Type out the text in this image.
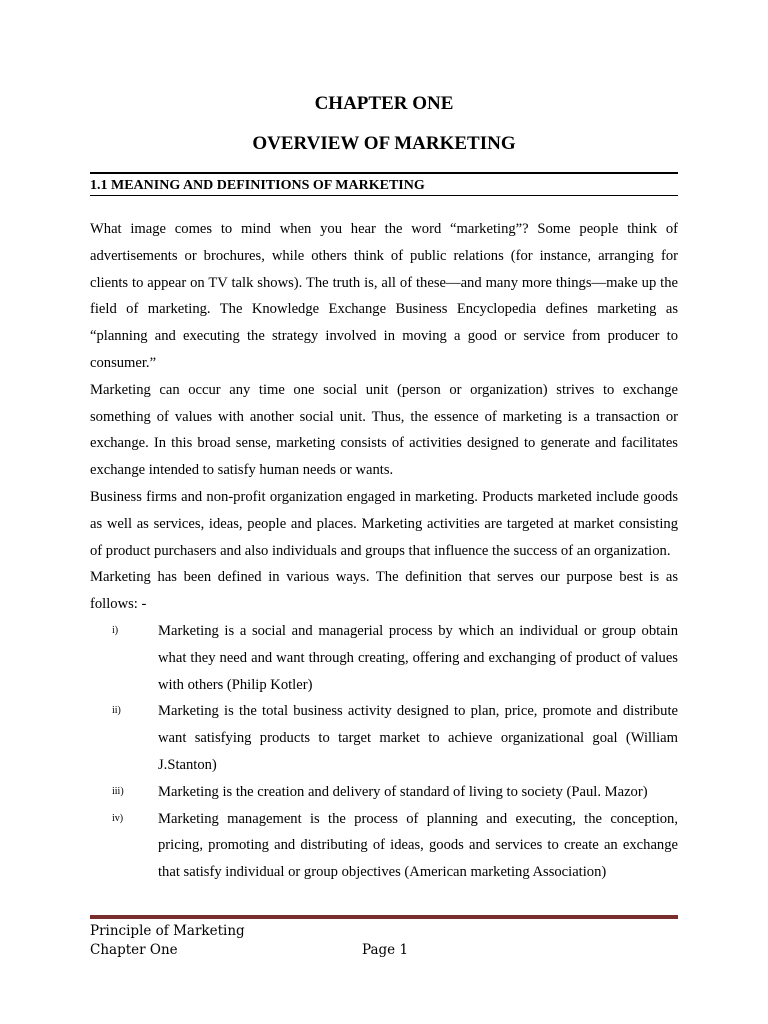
CHAPTER ONE
OVERVIEW OF MARKETING
1.1 MEANING AND DEFINITIONS OF MARKETING

What image comes to mind when you hear the word “marketing”? Some people think of advertisements or brochures, while others think of public relations (for instance, arranging for clients to appear on TV talk shows). The truth is, all of these—and many more things—make up the field of marketing. The Knowledge Exchange Business Encyclopedia defines marketing as “planning and executing the strategy involved in moving a good or service from producer to consumer.”

Marketing can occur any time one social unit (person or organization) strives to exchange something of values with another social unit. Thus, the essence of marketing is a transaction or exchange. In this broad sense, marketing consists of activities designed to generate and facilitates exchange intended to satisfy human needs or wants.

Business firms and non-profit organization engaged in marketing. Products marketed include goods as well as services, ideas, people and places. Marketing activities are targeted at market consisting of product purchasers and also individuals and groups that influence the success of an organization.

Marketing has been defined in various ways. The definition that serves our purpose best is as follows: -

i)	Marketing is a social and managerial process by which an individual or group obtain what they need and want through creating, offering and exchanging of product of values with others (Philip Kotler)
ii)	Marketing is the total business activity designed to plan, price, promote and distribute want satisfying products to target market to achieve organizational goal (William J.Stanton)
iii)	Marketing is the creation and delivery of standard of living to society (Paul. Mazor)
iv)	Marketing management is the process of planning and executing, the conception, pricing, promoting and distributing of ideas, goods and services to create an exchange that satisfy individual or group objectives (American marketing Association)
Principle of Marketing
Chapter One	Page 1
